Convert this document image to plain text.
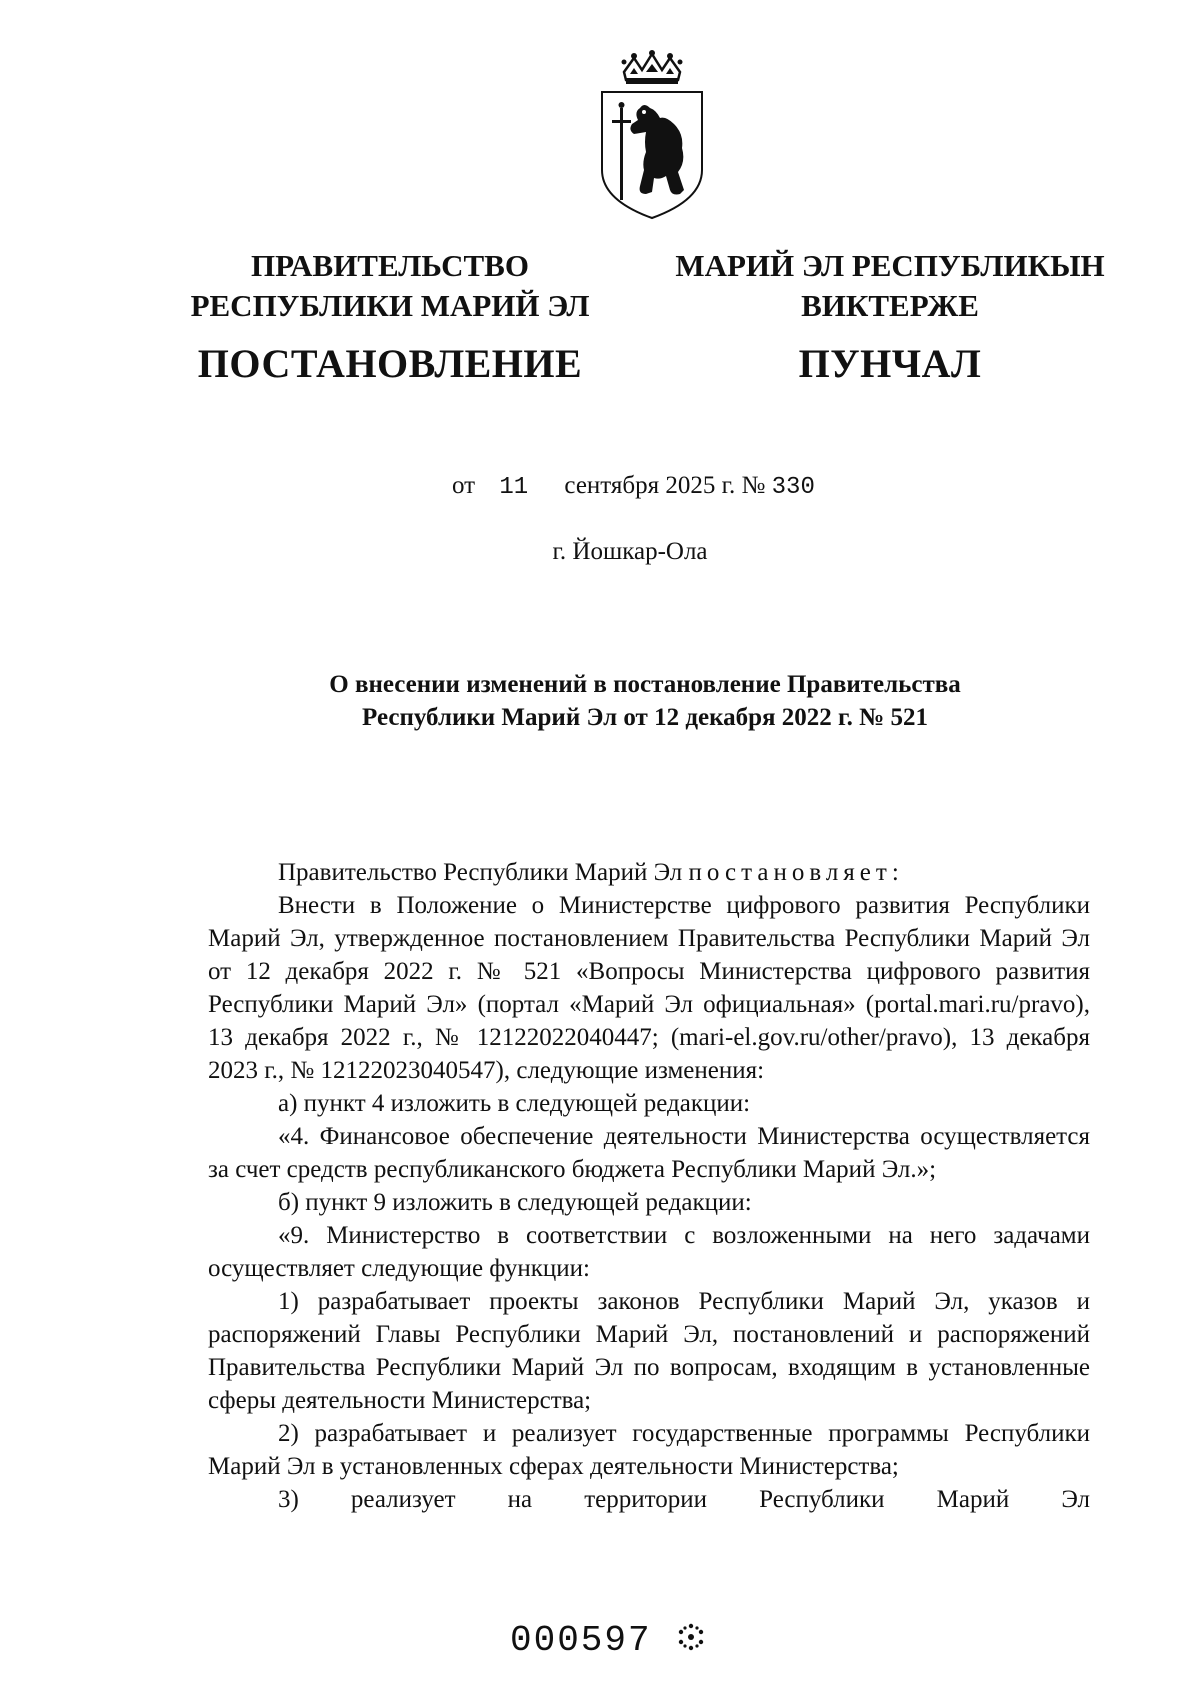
ПРАВИТЕЛЬСТВО
РЕСПУБЛИКИ МАРИЙ ЭЛ
ПОСТАНОВЛЕНИЕ
МАРИЙ ЭЛ РЕСПУБЛИКЫН
ВИКТЕРЖЕ
ПУНЧАЛ
от 11 сентября 2025 г. № 330
г. Йошкар-Ола
О внесении изменений в постановление Правительства
Республики Марий Эл от 12 декабря 2022 г. № 521

Правительство Республики Марий Эл постановляет:

Внести в Положение о Министерстве цифрового развития Республики Марий Эл, утвержденное постановлением Правительства Республики Марий Эл от 12 декабря 2022 г. № 521 «Вопросы Министерства цифрового развития Республики Марий Эл» (портал «Марий Эл официальная» (portal.mari.ru/pravo), 13 декабря 2022 г., № 12122022040447; (mari-el.gov.ru/other/pravo), 13 декабря 2023 г., № 12122023040547), следующие изменения:

а) пункт 4 изложить в следующей редакции:

«4. Финансовое обеспечение деятельности Министерства осуществляется за счет средств республиканского бюджета Республики Марий Эл.»;

б) пункт 9 изложить в следующей редакции:

«9. Министерство в соответствии с возложенными на него задачами осуществляет следующие функции:

1) разрабатывает проекты законов Республики Марий Эл, указов и распоряжений Главы Республики Марий Эл, постановлений и распоряжений Правительства Республики Марий Эл по вопросам, входящим в установленные сферы деятельности Министерства;

2) разрабатывает и реализует государственные программы Республики Марий Эл в установленных сферах деятельности Министерства;

3) реализует на территории Республики Марий Эл

000597
